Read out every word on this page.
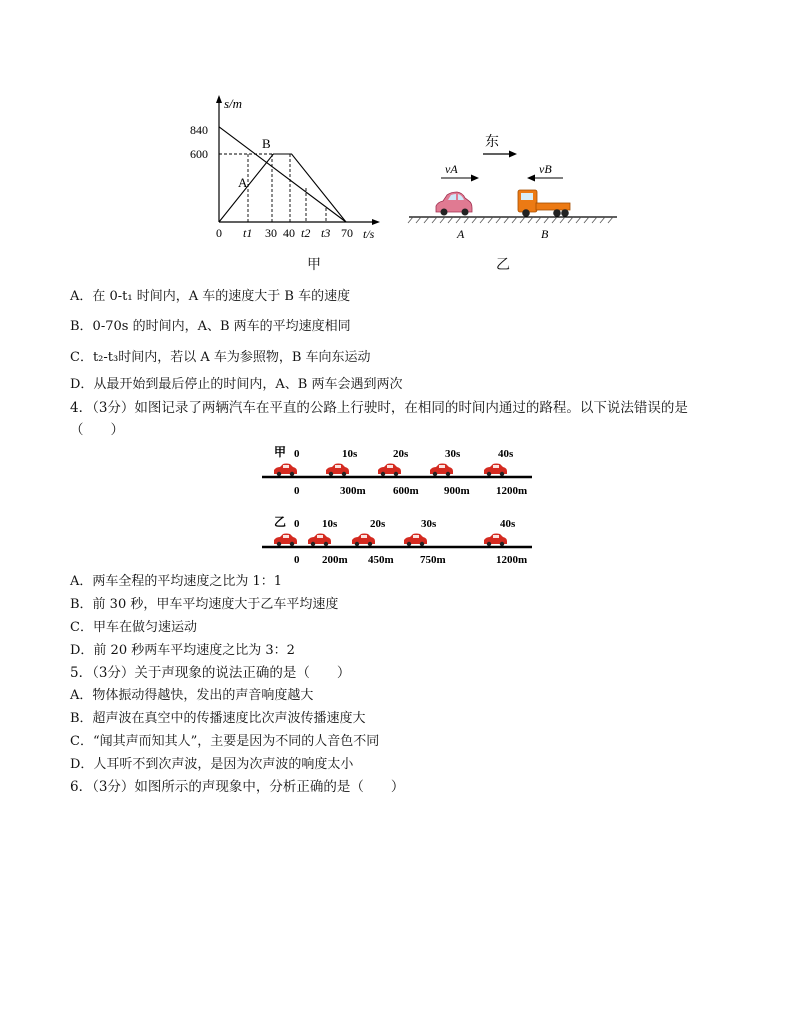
s/m
840
600
B
A
0 t1 30 40 t2 t3 70 t/s
甲
东
vA	vB
A	B
乙
A．在 0-t₁ 时间内，A 车的速度大于 B 车的速度
B．0-70s 的时间内，A、B 两车的平均速度相同
C．t₂-t₃时间内，若以 A 车为参照物，B 车向东运动
D．从最开始到最后停止的时间内，A、B 两车会遇到两次
4．（3分）如图记录了两辆汽车在平直的公路上行驶时，在相同的时间内通过的路程。以下说法错误的是
（　　）
甲 0	10s	20s	30s	40s
0	300m 600m 900m 1200m
乙 0 10s	20s	30s	40s
0 200m 450m 750m	1200m
A．两车全程的平均速度之比为 1：1
B．前 30 秒，甲车平均速度大于乙车平均速度
C．甲车在做匀速运动
D．前 20 秒两车平均速度之比为 3：2
5．（3分）关于声现象的说法正确的是（　　）
A．物体振动得越快，发出的声音响度越大
B．超声波在真空中的传播速度比次声波传播速度大
C．“闻其声而知其人”，主要是因为不同的人音色不同
D．人耳听不到次声波，是因为次声波的响度太小
6．（3分）如图所示的声现象中，分析正确的是（　　）
